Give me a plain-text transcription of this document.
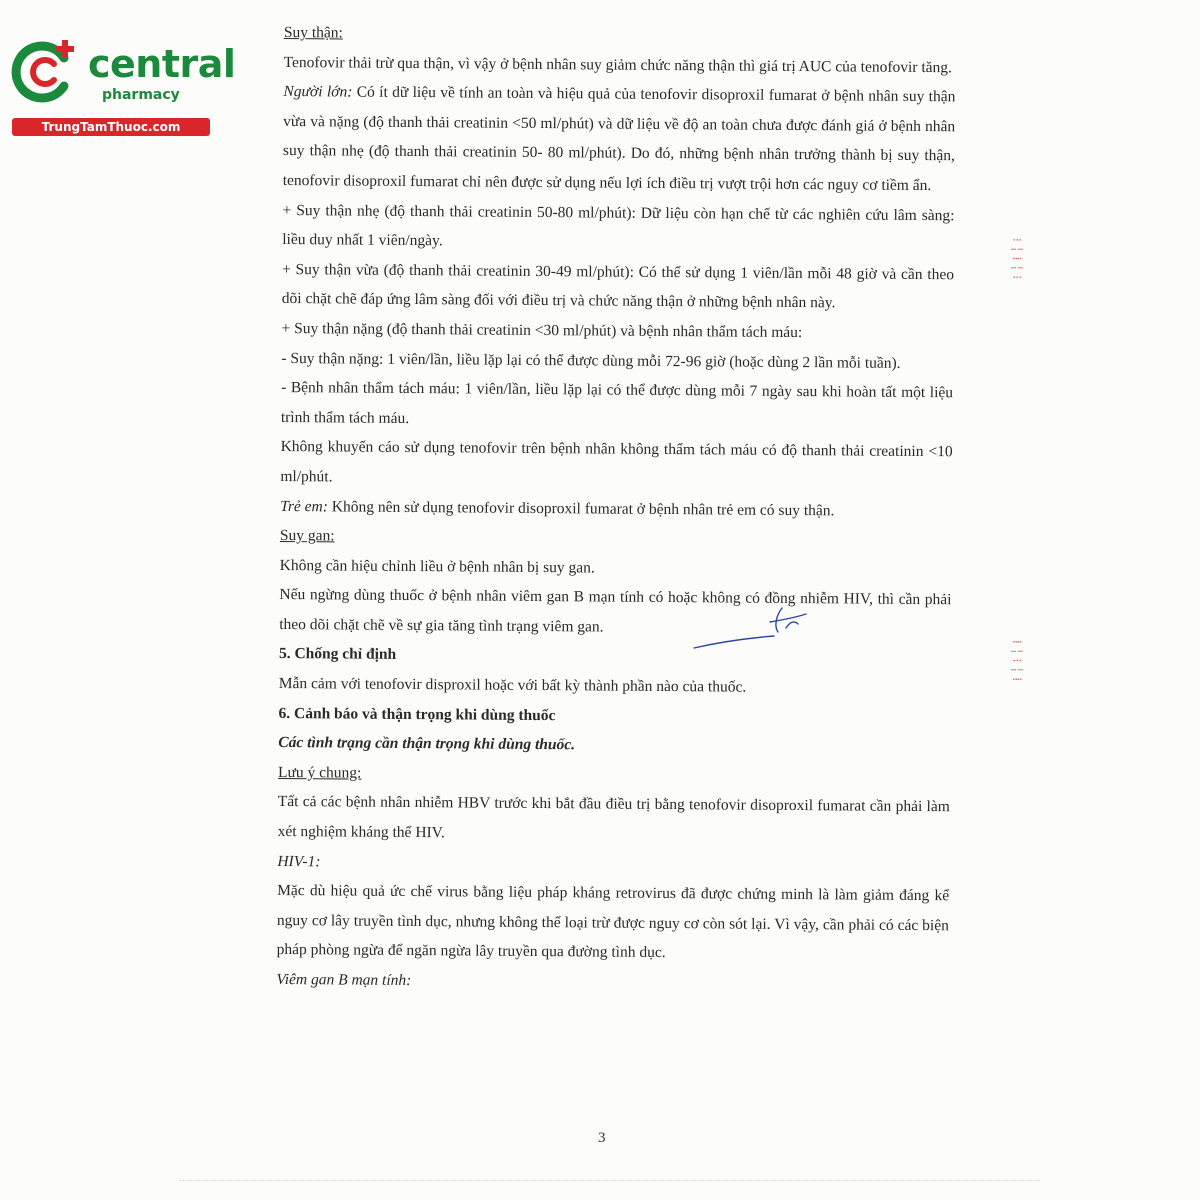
central
pharmacy
TrungTamThuoc.com

Suy thận:

Tenofovir thải trừ qua thận, vì vậy ở bệnh nhân suy giảm chức năng thận thì giá trị AUC của tenofovir tăng.

Người lớn: Có ít dữ liệu về tính an toàn và hiệu quả của tenofovir disoproxil fumarat ở bệnh nhân suy thận vừa và nặng (độ thanh thải creatinin <50 ml/phút) và dữ liệu về độ an toàn chưa được đánh giá ở bệnh nhân suy thận nhẹ (độ thanh thải creatinin 50- 80 ml/phút). Do đó, những bệnh nhân trưởng thành bị suy thận, tenofovir disoproxil fumarat chỉ nên được sử dụng nếu lợi ích điều trị vượt trội hơn các nguy cơ tiềm ẩn.

+ Suy thận nhẹ (độ thanh thải creatinin 50-80 ml/phút): Dữ liệu còn hạn chế từ các nghiên cứu lâm sàng: liều duy nhất 1 viên/ngày.

+ Suy thận vừa (độ thanh thải creatinin 30-49 ml/phút): Có thể sử dụng 1 viên/lần mỗi 48 giờ và cần theo dõi chặt chẽ đáp ứng lâm sàng đối với điều trị và chức năng thận ở những bệnh nhân này.

+ Suy thận nặng (độ thanh thải creatinin <30 ml/phút) và bệnh nhân thẩm tách máu:

- Suy thận nặng: 1 viên/lần, liều lặp lại có thể được dùng mỗi 72-96 giờ (hoặc dùng 2 lần mỗi tuần).

- Bệnh nhân thẩm tách máu: 1 viên/lần, liều lặp lại có thể được dùng mỗi 7 ngày sau khi hoàn tất một liệu trình thẩm tách máu.

Không khuyến cáo sử dụng tenofovir trên bệnh nhân không thẩm tách máu có độ thanh thải creatinin <10 ml/phút.

Trẻ em: Không nên sử dụng tenofovir disoproxil fumarat ở bệnh nhân trẻ em có suy thận.

Suy gan:

Không cần hiệu chỉnh liều ở bệnh nhân bị suy gan.

Nếu ngừng dùng thuốc ở bệnh nhân viêm gan B mạn tính có hoặc không có đồng nhiễm HIV, thì cần phải theo dõi chặt chẽ về sự gia tăng tình trạng viêm gan.

5. Chống chỉ định

Mẫn cảm với tenofovir disproxil hoặc với bất kỳ thành phần nào của thuốc.

6. Cảnh báo và thận trọng khi dùng thuốc

Các tình trạng cần thận trọng khi dùng thuốc.

Lưu ý chung:

Tất cả các bệnh nhân nhiễm HBV trước khi bắt đầu điều trị bằng tenofovir disoproxil fumarat cần phải làm xét nghiệm kháng thể HIV.

HIV-1:

Mặc dù hiệu quả ức chế virus bằng liệu pháp kháng retrovirus đã được chứng minh là làm giảm đáng kể nguy cơ lây truyền tình dục, nhưng không thể loại trừ được nguy cơ còn sót lại. Vì vậy, cần phải có các biện pháp phòng ngừa để ngăn ngừa lây truyền qua đường tình dục.

Viêm gan B mạn tính:

⁝ ╎ ⁞ ╎ ⁝
⁞ ╎ ⁝ ╎ ⁞
3
